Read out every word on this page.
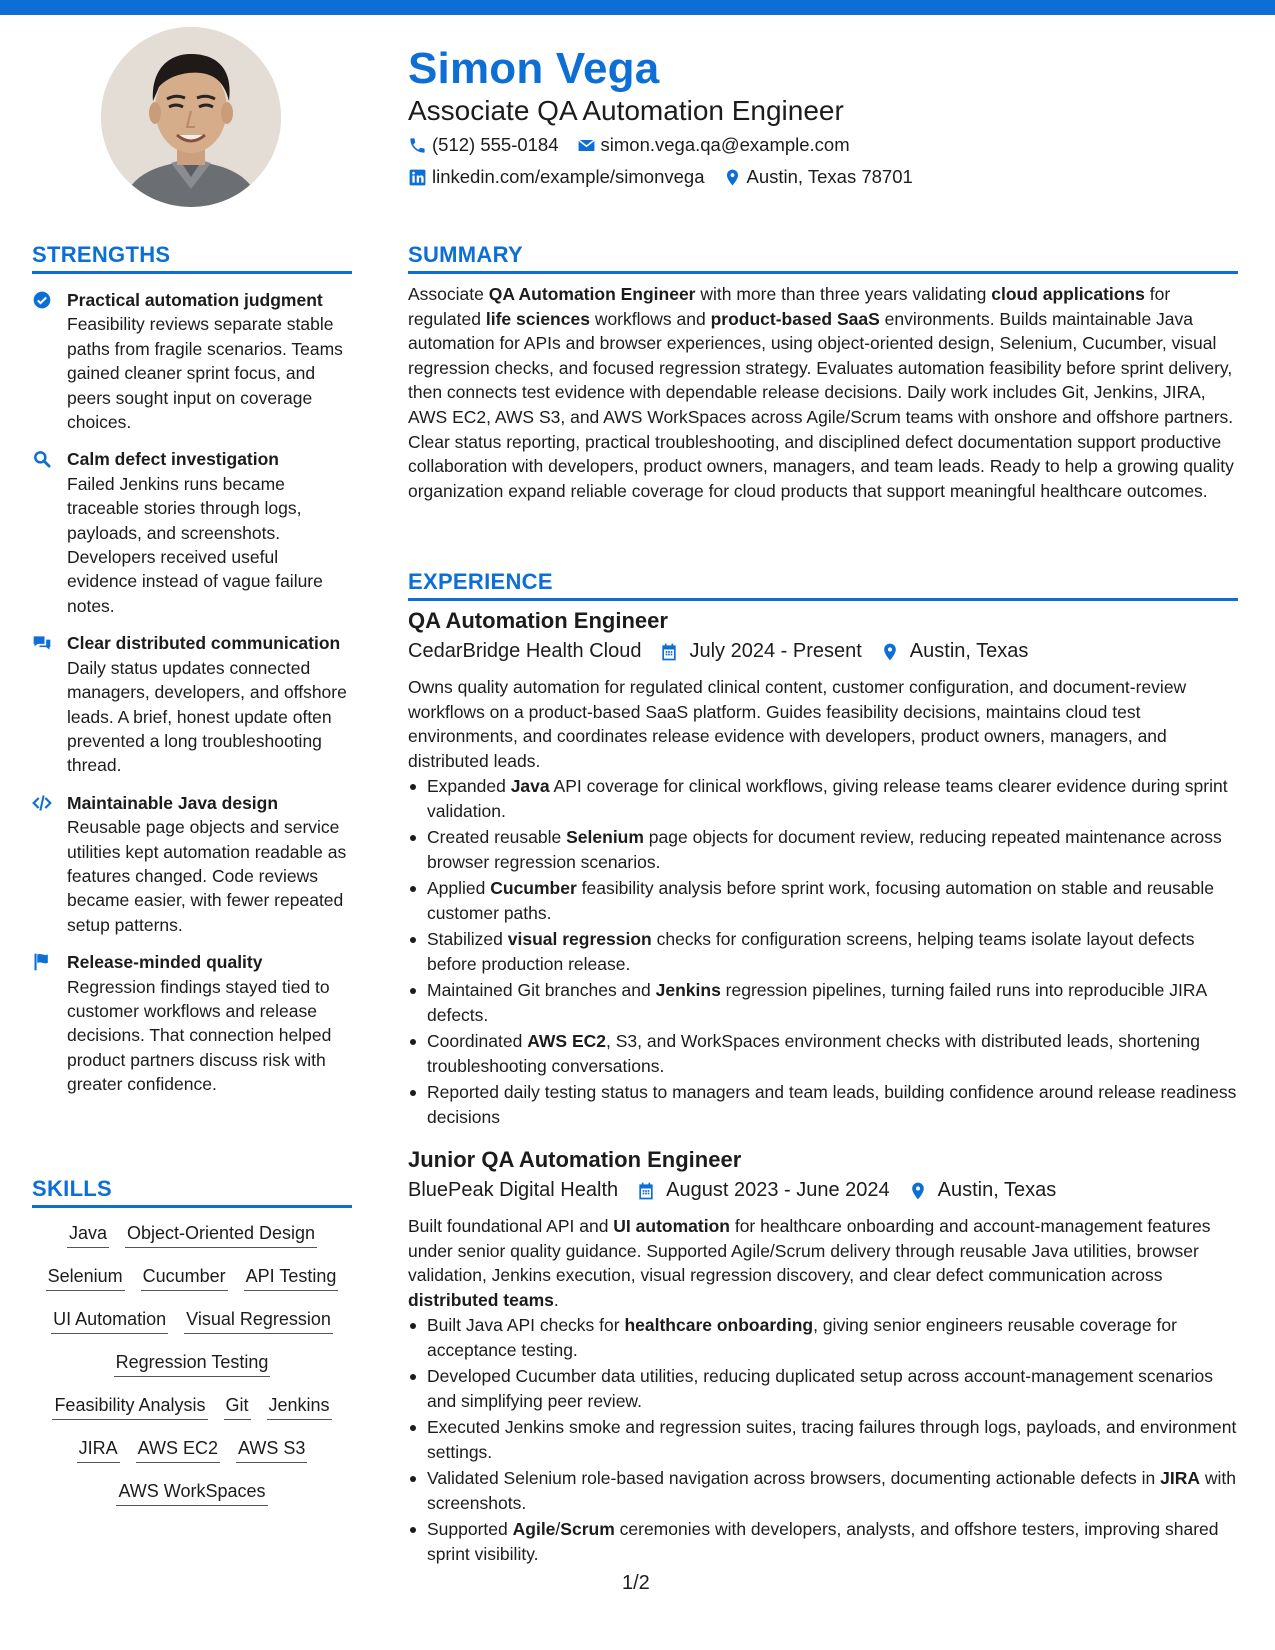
Simon Vega
Associate QA Automation Engineer
(512) 555-0184 simon.vega.qa@example.com
linkedin.com/example/simonvega Austin, Texas 78701
STRENGTHS
Practical automation judgment
Feasibility reviews separate stable paths from fragile scenarios. Teams gained cleaner sprint focus, and peers sought input on coverage choices.
Calm defect investigation
Failed Jenkins runs became traceable stories through logs, payloads, and screenshots. Developers received useful evidence instead of vague failure notes.
Clear distributed communication
Daily status updates connected managers, developers, and offshore leads. A brief, honest update often prevented a long troubleshooting thread.
Maintainable Java design
Reusable page objects and service utilities kept automation readable as features changed. Code reviews became easier, with fewer repeated setup patterns.
Release-minded quality
Regression findings stayed tied to customer workflows and release decisions. That connection helped product partners discuss risk with greater confidence.
SKILLS
Java Object-Oriented Design
Selenium Cucumber API Testing
UI Automation Visual Regression
Regression Testing
Feasibility Analysis Git Jenkins
JIRA AWS EC2 AWS S3
AWS WorkSpaces
SUMMARY
Associate QA Automation Engineer with more than three years validating cloud applications for regulated life sciences workflows and product-based SaaS environments. Builds maintainable Java automation for APIs and browser experiences, using object-oriented design, Selenium, Cucumber, visual regression checks, and focused regression strategy. Evaluates automation feasibility before sprint delivery, then connects test evidence with dependable release decisions. Daily work includes Git, Jenkins, JIRA, AWS EC2, AWS S3, and AWS WorkSpaces across Agile/Scrum teams with onshore and offshore partners. Clear status reporting, practical troubleshooting, and disciplined defect documentation support productive collaboration with developers, product owners, managers, and team leads. Ready to help a growing quality organization expand reliable coverage for cloud products that support meaningful healthcare outcomes.
EXPERIENCE
QA Automation Engineer
CedarBridge Health Cloud July 2024 - Present Austin, Texas
Owns quality automation for regulated clinical content, customer configuration, and document-review workflows on a product-based SaaS platform. Guides feasibility decisions, maintains cloud test environments, and coordinates release evidence with developers, product owners, managers, and distributed leads.
Expanded Java API coverage for clinical workflows, giving release teams clearer evidence during sprint validation.
Created reusable Selenium page objects for document review, reducing repeated maintenance across browser regression scenarios.
Applied Cucumber feasibility analysis before sprint work, focusing automation on stable and reusable customer paths.
Stabilized visual regression checks for configuration screens, helping teams isolate layout defects before production release.
Maintained Git branches and Jenkins regression pipelines, turning failed runs into reproducible JIRA defects.
Coordinated AWS EC2, S3, and WorkSpaces environment checks with distributed leads, shortening troubleshooting conversations.
Reported daily testing status to managers and team leads, building confidence around release readiness decisions
Junior QA Automation Engineer
BluePeak Digital Health August 2023 - June 2024 Austin, Texas
Built foundational API and UI automation for healthcare onboarding and account-management features under senior quality guidance. Supported Agile/Scrum delivery through reusable Java utilities, browser validation, Jenkins execution, visual regression discovery, and clear defect communication across distributed teams.
Built Java API checks for healthcare onboarding, giving senior engineers reusable coverage for acceptance testing.
Developed Cucumber data utilities, reducing duplicated setup across account-management scenarios and simplifying peer review.
Executed Jenkins smoke and regression suites, tracing failures through logs, payloads, and environment settings.
Validated Selenium role-based navigation across browsers, documenting actionable defects in JIRA with screenshots.
Supported Agile/Scrum ceremonies with developers, analysts, and offshore testers, improving shared sprint visibility.
1/2
